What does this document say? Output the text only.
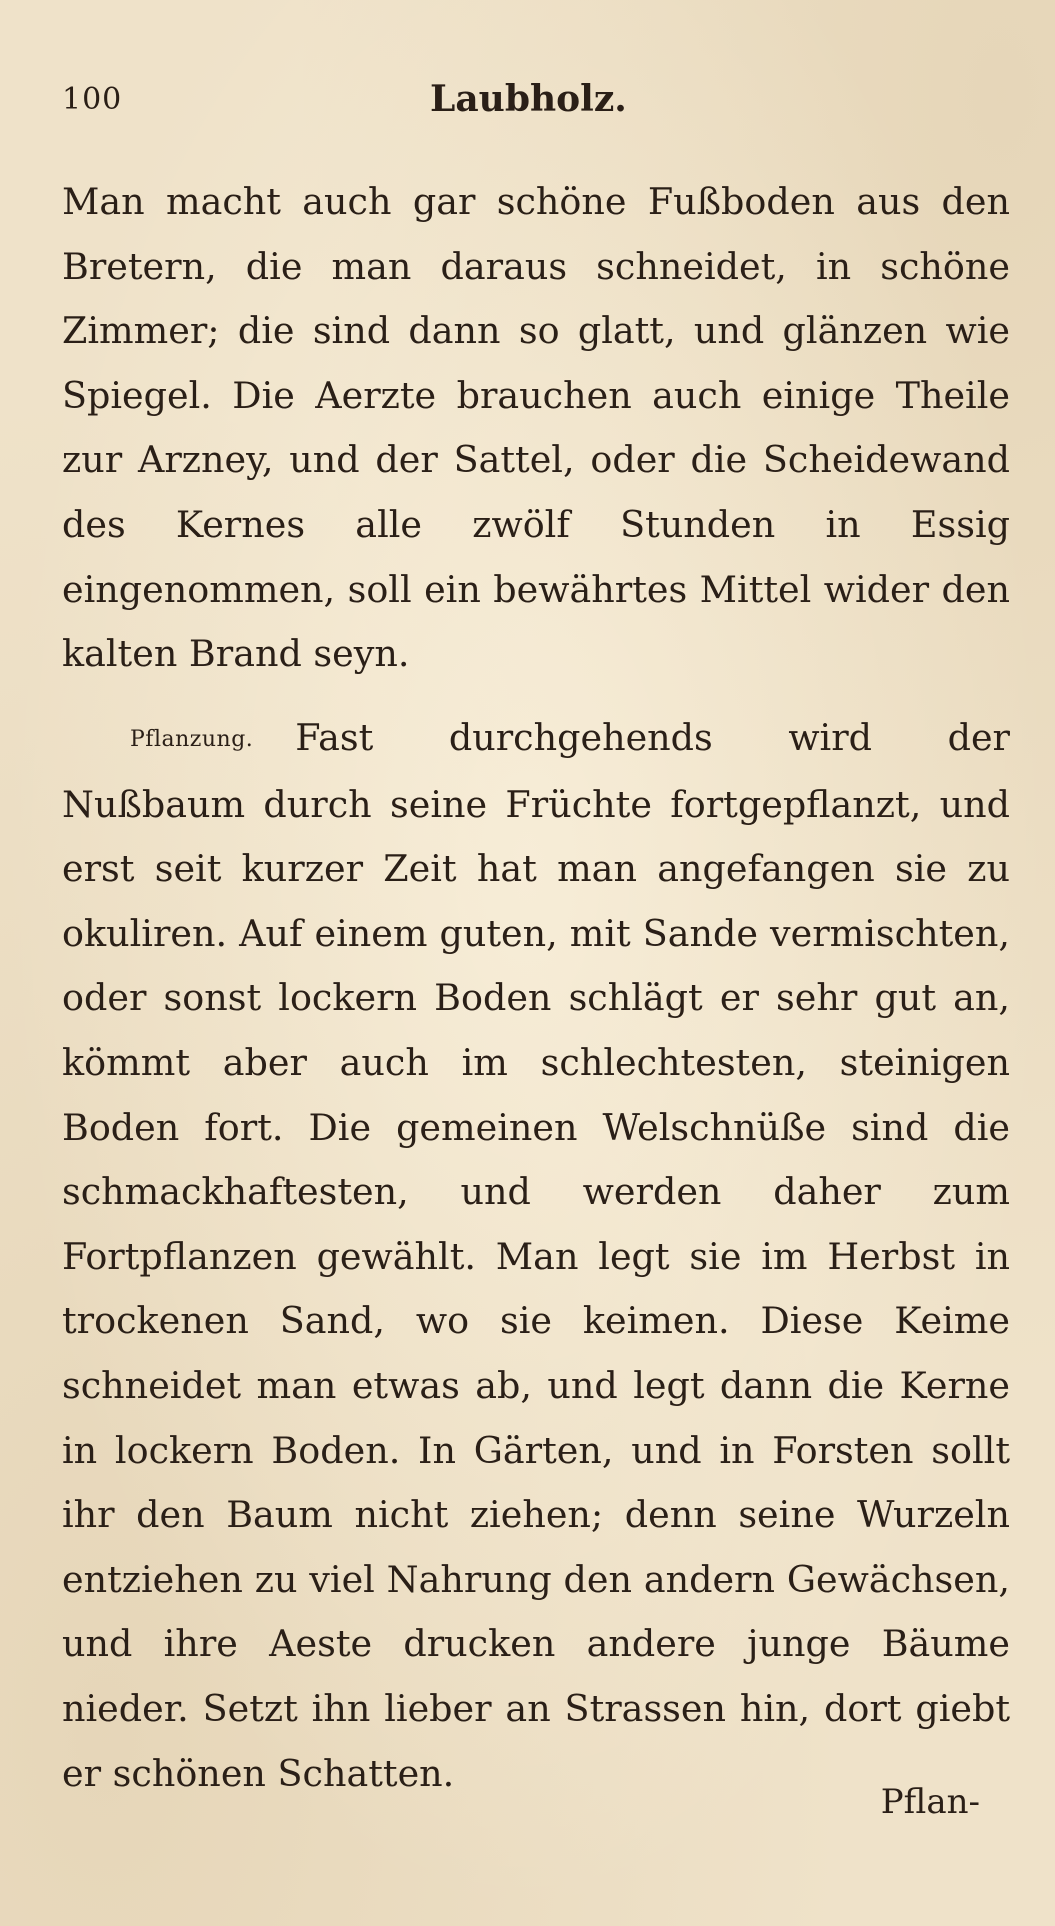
100	Laubholz.
Man macht auch gar schöne Fußboden aus den Bretern, die man daraus schneidet, in schöne Zimmer; die sind dann so glatt, und glänzen wie Spiegel. Die Aerzte brauchen auch einige Theile zur Arzney, und der Sattel, oder die Scheidewand des Kernes alle zwölf Stunden in Essig eingenommen, soll ein bewährtes Mittel wider den kalten Brand seyn.
Pflanzung. Fast durchgehends wird der Nußbaum durch seine Früchte fortgepflanzt, und erst seit kurzer Zeit hat man angefangen sie zu okuliren. Auf einem guten, mit Sande vermischten, oder sonst lockern Boden schlägt er sehr gut an, kömmt aber auch im schlechtesten, steinigen Boden fort. Die gemeinen Welschnüße sind die schmackhaftesten, und werden daher zum Fortpflanzen gewählt. Man legt sie im Herbst in trockenen Sand, wo sie keimen. Diese Keime schneidet man etwas ab, und legt dann die Kerne in lockern Boden. In Gärten, und in Forsten sollt ihr den Baum nicht ziehen; denn seine Wurzeln entziehen zu viel Nahrung den andern Gewächsen, und ihre Aeste drucken andere junge Bäume nieder. Setzt ihn lieber an Strassen hin, dort giebt er schönen Schatten.
Pflan-
